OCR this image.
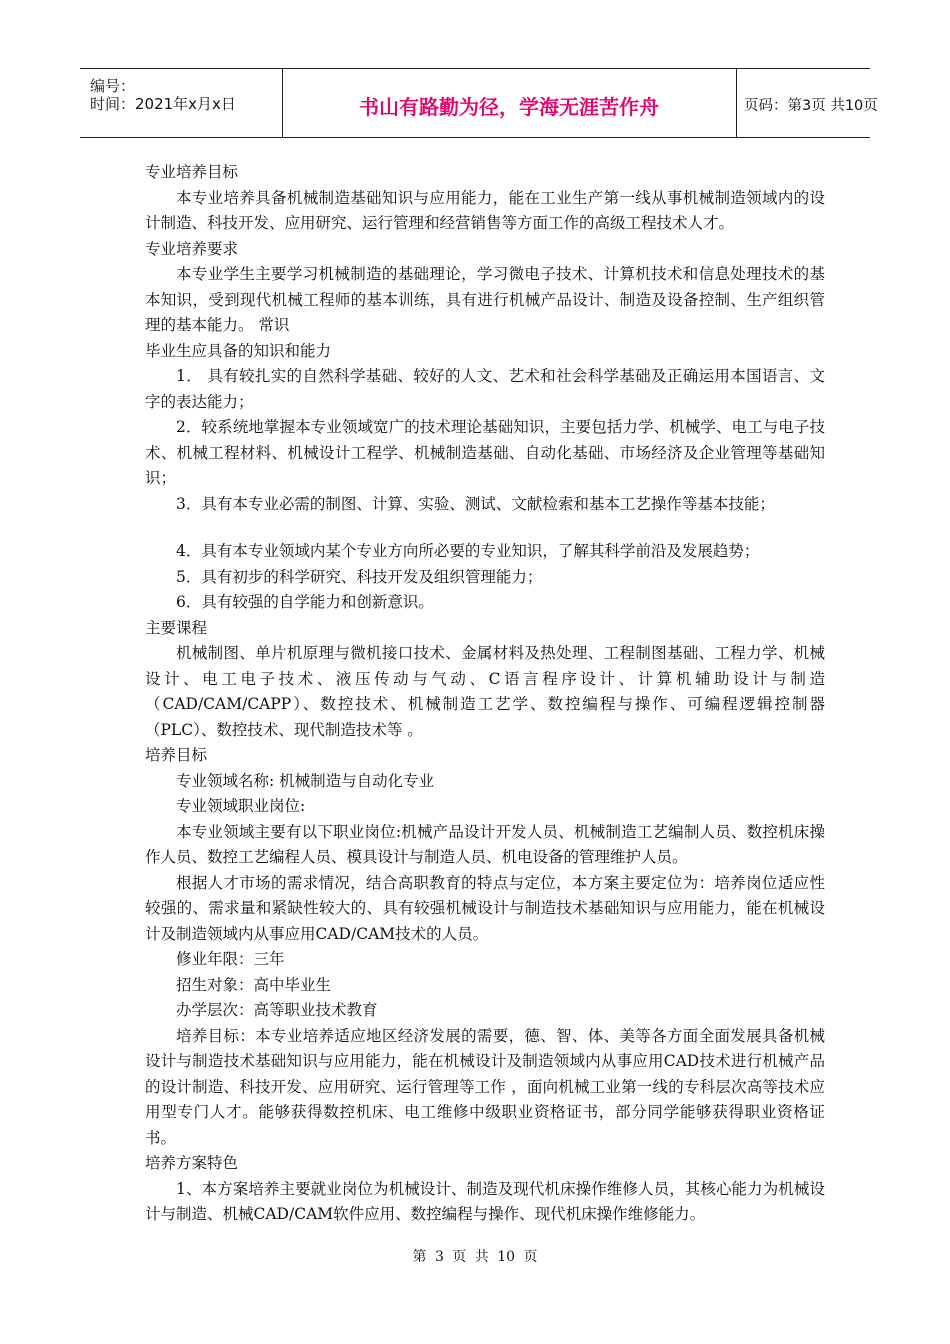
编号：
时间：2021年x月x日	书山有路勤为径，学海无涯苦作舟	页码：第3页 共10页

专业培养目标

本专业培养具备机械制造基础知识与应用能力，能在工业生产第一线从事机械制造领域内的设计制造、科技开发、应用研究、运行管理和经营销售等方面工作的高级工程技术人才。

专业培养要求

本专业学生主要学习机械制造的基础理论，学习微电子技术、计算机技术和信息处理技术的基本知识，受到现代机械工程师的基本训练，具有进行机械产品设计、制造及设备控制、生产组织管理的基本能力。 常识

毕业生应具备的知识和能力

1． 具有较扎实的自然科学基础、较好的人文、艺术和社会科学基础及正确运用本国语言、文字的表达能力；

2．较系统地掌握本专业领域宽广的技术理论基础知识，主要包括力学、机械学、电工与电子技术、机械工程材料、机械设计工程学、机械制造基础、自动化基础、市场经济及企业管理等基础知识；

3．具有本专业必需的制图、计算、实验、测试、文献检索和基本工艺操作等基本技能；

4．具有本专业领域内某个专业方向所必要的专业知识，了解其科学前沿及发展趋势；

5．具有初步的科学研究、科技开发及组织管理能力；

6．具有较强的自学能力和创新意识。

主要课程

机械制图、单片机原理与微机接口技术、金属材料及热处理、工程制图基础、工程力学、机械设计、电工电子技术、液压传动与气动、C语言程序设计、计算机辅助设计与制造（CAD/CAM/CAPP）、数控技术、机械制造工艺学、数控编程与操作、可编程逻辑控制器（PLC）、数控技术、现代制造技术等 。

培养目标

专业领域名称: 机械制造与自动化专业

专业领域职业岗位:

本专业领域主要有以下职业岗位:机械产品设计开发人员、机械制造工艺编制人员、数控机床操作人员、数控工艺编程人员、模具设计与制造人员、机电设备的管理维护人员。

根据人才市场的需求情况，结合高职教育的特点与定位，本方案主要定位为：培养岗位适应性较强的、需求量和紧缺性较大的、具有较强机械设计与制造技术基础知识与应用能力，能在机械设计及制造领域内从事应用CAD/CAM技术的人员。

修业年限：三年

招生对象：高中毕业生

办学层次：高等职业技术教育

培养目标：本专业培养适应地区经济发展的需要，德、智、体、美等各方面全面发展具备机械设计与制造技术基础知识与应用能力，能在机械设计及制造领域内从事应用CAD技术进行机械产品的设计制造、科技开发、应用研究、运行管理等工作 ，面向机械工业第一线的专科层次高等技术应用型专门人才。能够获得数控机床、电工维修中级职业资格证书，部分同学能够获得职业资格证书。

培养方案特色

1、本方案培养主要就业岗位为机械设计、制造及现代机床操作维修人员，其核心能力为机械设计与制造、机械CAD/CAM软件应用、数控编程与操作、现代机床操作维修能力。

第 3 页 共 10 页
